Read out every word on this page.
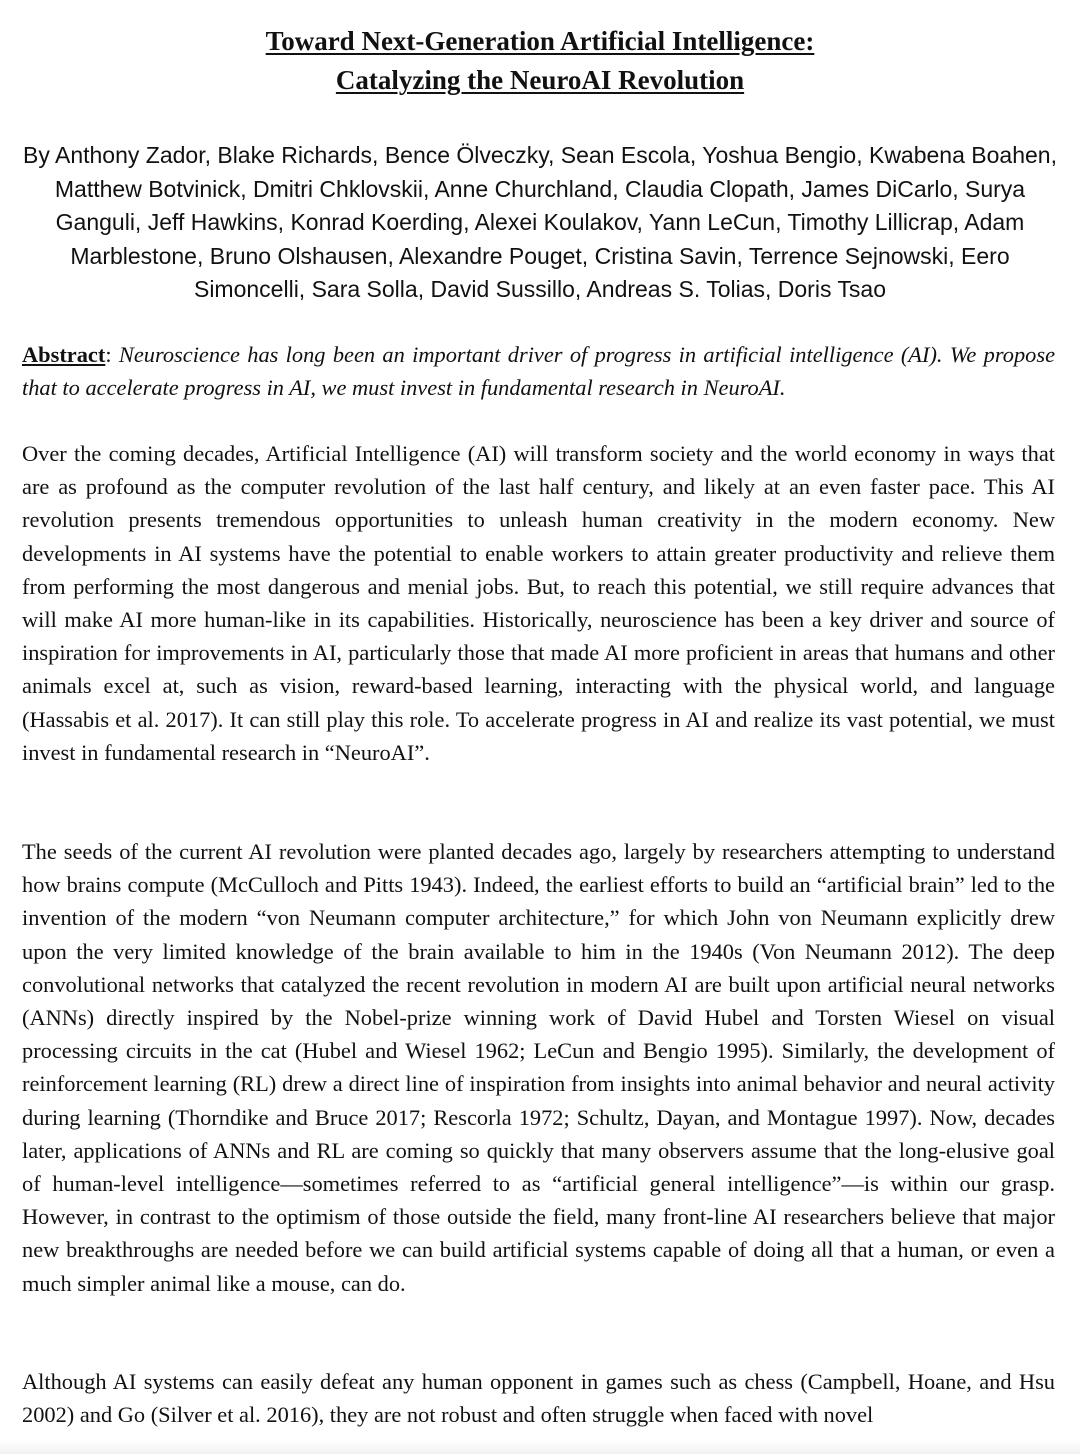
Toward Next-Generation Artificial Intelligence:
Catalyzing the NeuroAI Revolution
By Anthony Zador, Blake Richards, Bence Ölveczky, Sean Escola, Yoshua Bengio, Kwabena Boahen, Matthew Botvinick, Dmitri Chklovskii, Anne Churchland, Claudia Clopath, James DiCarlo, Surya Ganguli, Jeff Hawkins, Konrad Koerding, Alexei Koulakov, Yann LeCun, Timothy Lillicrap, Adam Marblestone, Bruno Olshausen, Alexandre Pouget, Cristina Savin, Terrence Sejnowski, Eero Simoncelli, Sara Solla, David Sussillo, Andreas S. Tolias, Doris Tsao
Abstract: Neuroscience has long been an important driver of progress in artificial intelligence (AI). We propose that to accelerate progress in AI, we must invest in fundamental research in NeuroAI.
Over the coming decades, Artificial Intelligence (AI) will transform society and the world economy in ways that are as profound as the computer revolution of the last half century, and likely at an even faster pace. This AI revolution presents tremendous opportunities to unleash human creativity in the modern economy. New developments in AI systems have the potential to enable workers to attain greater productivity and relieve them from performing the most dangerous and menial jobs. But, to reach this potential, we still require advances that will make AI more human-like in its capabilities. Historically, neuroscience has been a key driver and source of inspiration for improvements in AI, particularly those that made AI more proficient in areas that humans and other animals excel at, such as vision, reward-based learning, interacting with the physical world, and language (Hassabis et al. 2017). It can still play this role. To accelerate progress in AI and realize its vast potential, we must invest in fundamental research in “NeuroAI”.
The seeds of the current AI revolution were planted decades ago, largely by researchers attempting to understand how brains compute (McCulloch and Pitts 1943). Indeed, the earliest efforts to build an “artificial brain” led to the invention of the modern “von Neumann computer architecture,” for which John von Neumann explicitly drew upon the very limited knowledge of the brain available to him in the 1940s (Von Neumann 2012). The deep convolutional networks that catalyzed the recent revolution in modern AI are built upon artificial neural networks (ANNs) directly inspired by the Nobel-prize winning work of David Hubel and Torsten Wiesel on visual processing circuits in the cat (Hubel and Wiesel 1962; LeCun and Bengio 1995). Similarly, the development of reinforcement learning (RL) drew a direct line of inspiration from insights into animal behavior and neural activity during learning (Thorndike and Bruce 2017; Rescorla 1972; Schultz, Dayan, and Montague 1997). Now, decades later, applications of ANNs and RL are coming so quickly that many observers assume that the long-elusive goal of human-level intelligence—sometimes referred to as “artificial general intelligence”—is within our grasp. However, in contrast to the optimism of those outside the field, many front-line AI researchers believe that major new breakthroughs are needed before we can build artificial systems capable of doing all that a human, or even a much simpler animal like a mouse, can do.
Although AI systems can easily defeat any human opponent in games such as chess (Campbell, Hoane, and Hsu 2002) and Go (Silver et al. 2016), they are not robust and often struggle when faced with novel
